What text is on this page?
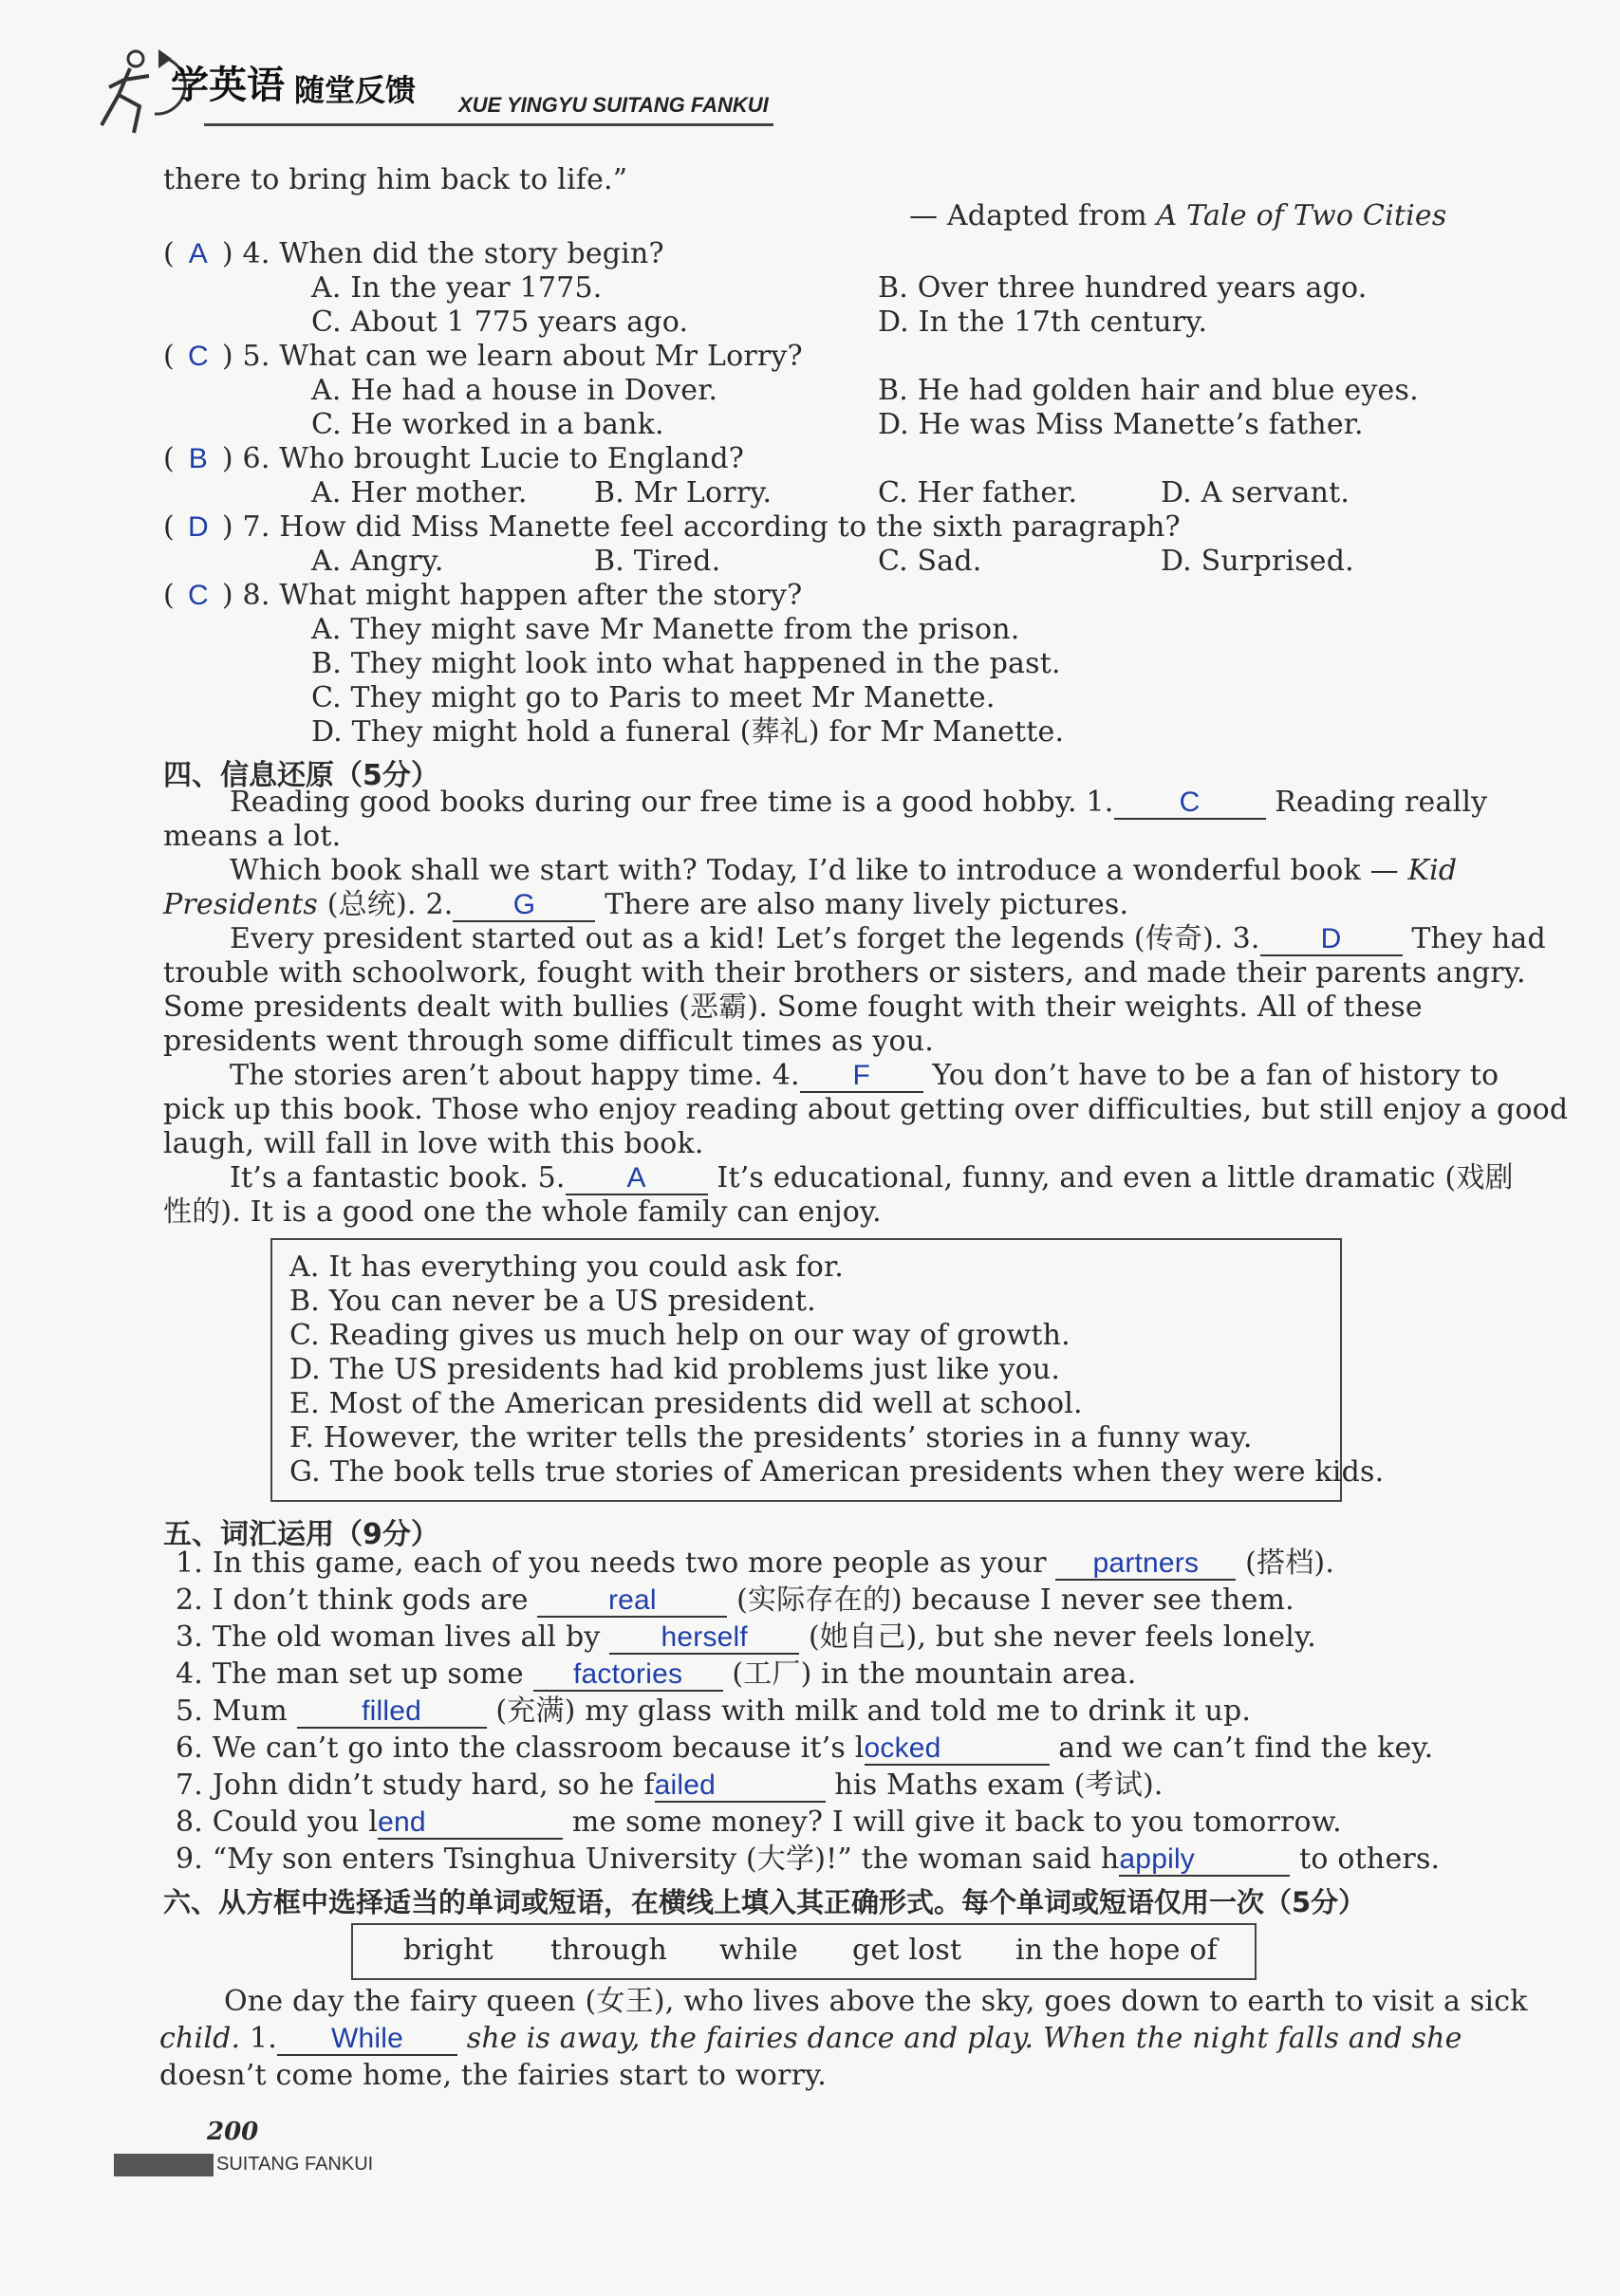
学英语 随堂反馈 XUE YINGYU SUITANG FANKUI
there to bring him back to life.”
— Adapted from A Tale of Two Cities
( A ) 4. When did the story begin?
A. In the year 1775.	B. Over three hundred years ago.
C. About 1 775 years ago.	D. In the 17th century.
( C ) 5. What can we learn about Mr Lorry?
A. He had a house in Dover.	B. He had golden hair and blue eyes.
C. He worked in a bank.	D. He was Miss Manette’s father.
( B ) 6. Who brought Lucie to England?
A. Her mother. B. Mr Lorry.	C. Her father.	D. A servant.
( D ) 7. How did Miss Manette feel according to the sixth paragraph?
A. Angry.	B. Tired.	C. Sad.	D. Surprised.
( C ) 8. What might happen after the story?
A. They might save Mr Manette from the prison.
B. They might look into what happened in the past.
C. They might go to Paris to meet Mr Manette.
D. They might hold a funeral (葬礼) for Mr Manette.
四、信息还原（5分）
Reading good books during our free time is a good hobby. 1. C Reading really
means a lot.
Which book shall we start with? Today, I’d like to introduce a wonderful book — Kid
Presidents (总统). 2. G There are also many lively pictures.
Every president started out as a kid! Let’s forget the legends (传奇). 3. D They had
trouble with schoolwork, fought with their brothers or sisters, and made their parents angry.
Some presidents dealt with bullies (恶霸). Some fought with their weights. All of these
presidents went through some difficult times as you.
The stories aren’t about happy time. 4. F You don’t have to be a fan of history to
pick up this book. Those who enjoy reading about getting over difficulties, but still enjoy a good
laugh, will fall in love with this book.
It’s a fantastic book. 5. A It’s educational, funny, and even a little dramatic (戏剧
性的). It is a good one the whole family can enjoy.
A. It has everything you could ask for.
B. You can never be a US president.
C. Reading gives us much help on our way of growth.
D. The US presidents had kid problems just like you.
E. Most of the American presidents did well at school.
F. However, the writer tells the presidents’ stories in a funny way.
G. The book tells true stories of American presidents when they were kids.
五、词汇运用（9分）
1. In this game, each of you needs two more people as your partners (搭档).
2. I don’t think gods are real (实际存在的) because I never see them.
3. The old woman lives all by herself (她自己), but she never feels lonely.
4. The man set up some factories (工厂) in the mountain area.
5. Mum filled (充满) my glass with milk and told me to drink it up.
6. We can’t go into the classroom because it’s locked	and we can’t find the key.
7. John didn’t study hard, so he failed	his Maths exam (考试).
8. Could you lend	me some money? I will give it back to you tomorrow.
9. “My son enters Tsinghua University (大学)!” the woman said happily	to others.
六、从方框中选择适当的单词或短语，在横线上填入其正确形式。每个单词或短语仅用一次（5分）
bright through while get lost in the hope of
One day the fairy queen (女王), who lives above the sky, goes down to earth to visit a sick
child. 1. While she is away, the fairies dance and play. When the night falls and she
doesn’t come home, the fairies start to worry.
200
SUITANG FANKUI
